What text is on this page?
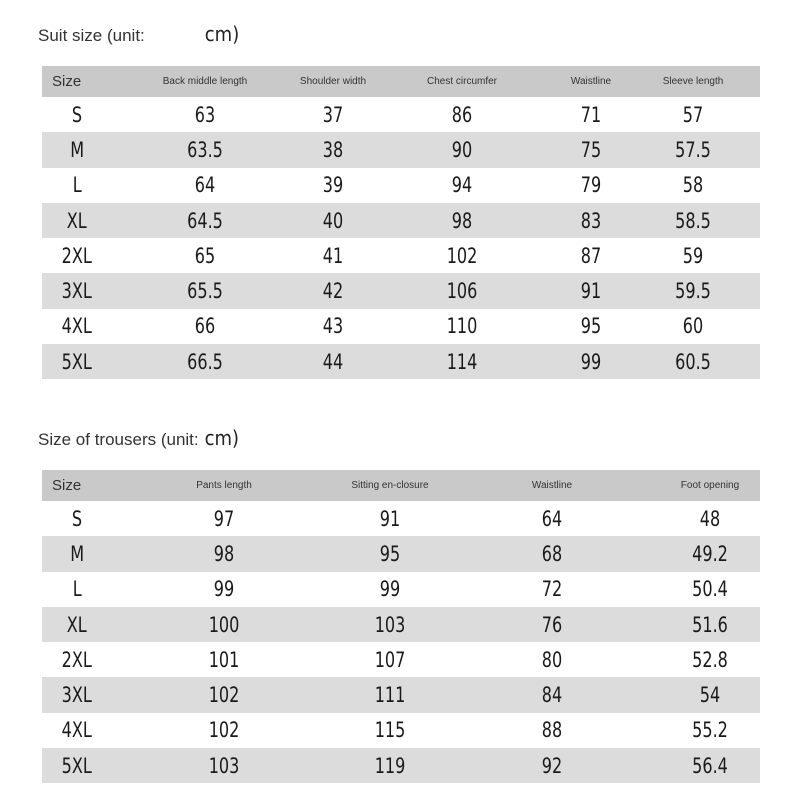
Suit size (unit:	cm)
Size	Back middle length	Shoulder width	Chest circumfer	Waistline	Sleeve length
S	63	37	86	71	57
M	63.5	38	90	75	57.5
L	64	39	94	79	58
XL	64.5	40	98	83	58.5
2XL	65	41	102	87	59
3XL	65.5	42	106	91	59.5
4XL	66	43	110	95	60
5XL	66.5	44	114	99	60.5
Size of trousers (unit: cm)
Size	Pants length	Sitting en-closure	Waistline	Foot opening
S	97	91	64	48
M	98	95	68	49.2
L	99	99	72	50.4
XL	100	103	76	51.6
2XL	101	107	80	52.8
3XL	102	111	84	54
4XL	102	115	88	55.2
5XL	103	119	92	56.4
